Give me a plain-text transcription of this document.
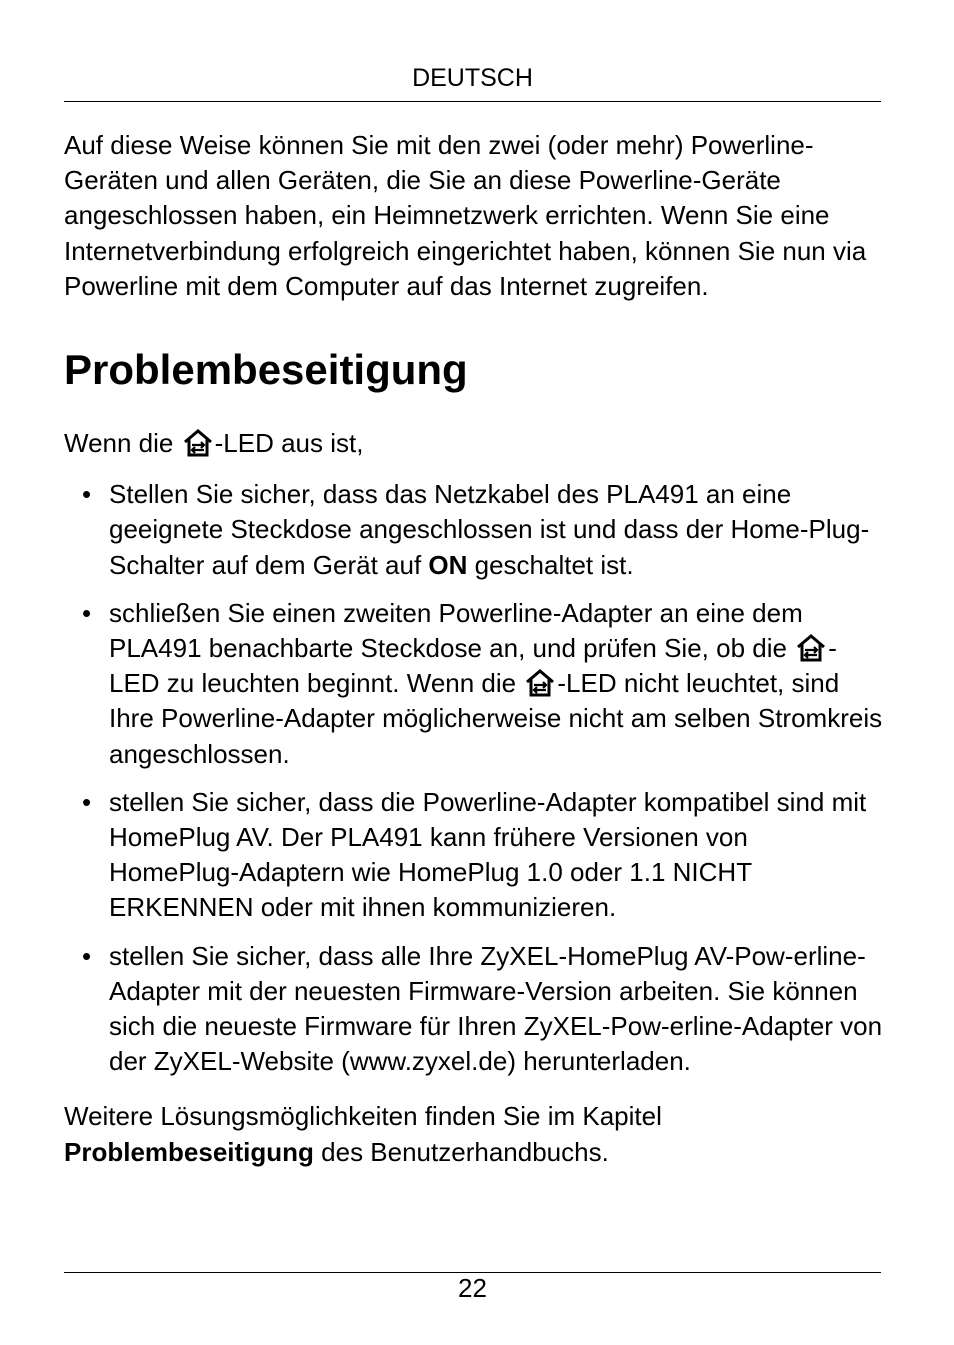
DEUTSCH

Auf diese Weise können Sie mit den zwei (oder mehr) Powerline-Geräten und allen Geräten, die Sie an diese Powerline-Geräte angeschlossen haben, ein Heimnetzwerk errichten. Wenn Sie eine Internetverbindung erfolgreich eingerichtet haben, können Sie nun via Powerline mit dem Computer auf das Internet zugreifen.

Problembeseitigung

Wenn die -LED aus ist,

• Stellen Sie sicher, dass das Netzkabel des PLA491 an eine geeignete Steckdose angeschlossen ist und dass der Home-Plug-Schalter auf dem Gerät auf ON geschaltet ist.
• schließen Sie einen zweiten Powerline-Adapter an eine dem PLA491 benachbarte Steckdose an, und prüfen Sie, ob die -LED zu leuchten beginnt. Wenn die -LED nicht leuchtet, sind Ihre Powerline-Adapter möglicherweise nicht am selben Stromkreis angeschlossen.
• stellen Sie sicher, dass die Powerline-Adapter kompatibel sind mit HomePlug AV. Der PLA491 kann frühere Versionen von HomePlug-Adaptern wie HomePlug 1.0 oder 1.1 NICHT ERKENNEN oder mit ihnen kommunizieren.
• stellen Sie sicher, dass alle Ihre ZyXEL-HomePlug AV-Pow-erline-Adapter mit der neuesten Firmware-Version arbeiten. Sie können sich die neueste Firmware für Ihren ZyXEL-Pow-erline-Adapter von der ZyXEL-Website (www.zyxel.de) herunterladen.

Weitere Lösungsmöglichkeiten finden Sie im Kapitel Problembeseitigung des Benutzerhandbuchs.

22
